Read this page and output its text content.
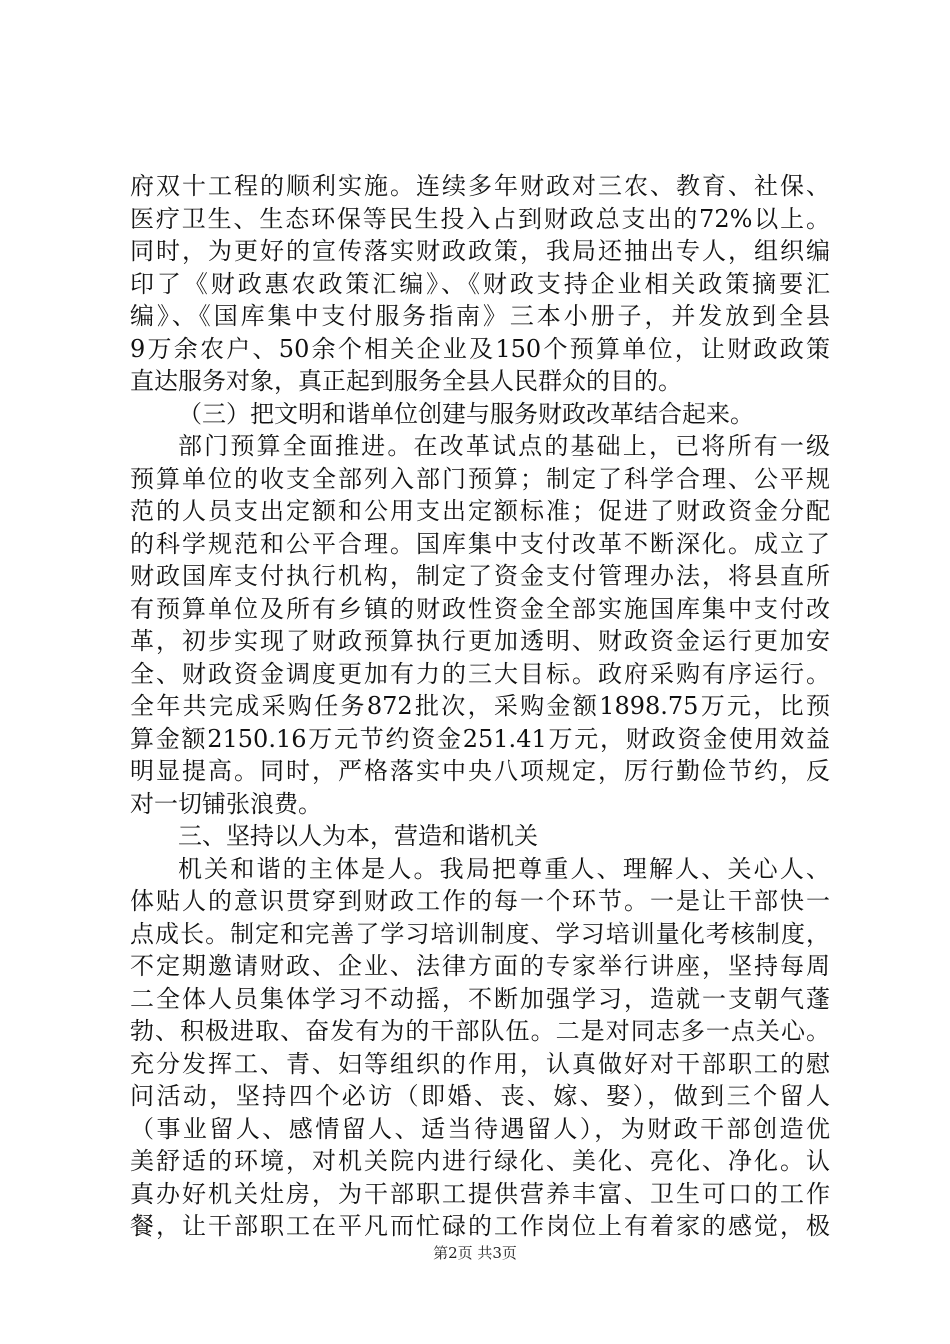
府双十工程的顺利实施。连续多年财政对三农、教育、社保、
医疗卫生、生态环保等民生投入占到财政总支出的72%以上。
同时，为更好的宣传落实财政政策，我局还抽出专人，组织编
印了《财政惠农政策汇编》、《财政支持企业相关政策摘要汇
编》、《国库集中支付服务指南》三本小册子，并发放到全县
9万余农户、50余个相关企业及150个预算单位，让财政政策
直达服务对象，真正起到服务全县人民群众的目的。
（三）把文明和谐单位创建与服务财政改革结合起来。
部门预算全面推进。在改革试点的基础上，已将所有一级
预算单位的收支全部列入部门预算；制定了科学合理、公平规
范的人员支出定额和公用支出定额标准；促进了财政资金分配
的科学规范和公平合理。国库集中支付改革不断深化。成立了
财政国库支付执行机构，制定了资金支付管理办法，将县直所
有预算单位及所有乡镇的财政性资金全部实施国库集中支付改
革，初步实现了财政预算执行更加透明、财政资金运行更加安
全、财政资金调度更加有力的三大目标。政府采购有序运行。
全年共完成采购任务872批次，采购金额1898.75万元，比预
算金额2150.16万元节约资金251.41万元，财政资金使用效益
明显提高。同时，严格落实中央八项规定，厉行勤俭节约，反
对一切铺张浪费。
三、坚持以人为本，营造和谐机关
机关和谐的主体是人。我局把尊重人、理解人、关心人、
体贴人的意识贯穿到财政工作的每一个环节。一是让干部快一
点成长。制定和完善了学习培训制度、学习培训量化考核制度，
不定期邀请财政、企业、法律方面的专家举行讲座，坚持每周
二全体人员集体学习不动摇，不断加强学习，造就一支朝气蓬
勃、积极进取、奋发有为的干部队伍。二是对同志多一点关心。
充分发挥工、青、妇等组织的作用，认真做好对干部职工的慰
问活动，坚持四个必访（即婚、丧、嫁、娶），做到三个留人
（事业留人、感情留人、适当待遇留人），为财政干部创造优
美舒适的环境，对机关院内进行绿化、美化、亮化、净化。认
真办好机关灶房，为干部职工提供营养丰富、卫生可口的工作
餐，让干部职工在平凡而忙碌的工作岗位上有着家的感觉，极
第2页 共3页
